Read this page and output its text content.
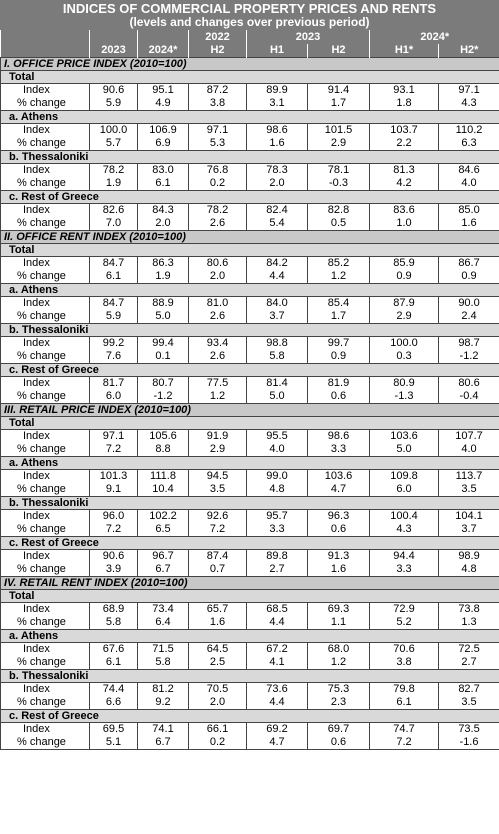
INDICES OF COMMERCIAL PROPERTY PRICES AND RENTS
(levels and changes over previous period)
			2022	2023		2024*	
	2023	2024*	H2	H1	H2	H1*	H2*
I. OFFICE PRICE INDEX (2010=100)							
Total							
Index	90.6	95.1	87.2	89.9	91.4	93.1	97.1
% change	5.9	4.9	3.8	3.1	1.7	1.8	4.3
a. Athens							
Index	100.0	106.9	97.1	98.6	101.5	103.7	110.2
% change	5.7	6.9	5.3	1.6	2.9	2.2	6.3
b. Thessaloniki							
Index	78.2	83.0	76.8	78.3	78.1	81.3	84.6
% change	1.9	6.1	0.2	2.0	-0.3	4.2	4.0
c. Rest of Greece							
Index	82.6	84.3	78.2	82.4	82.8	83.6	85.0
% change	7.0	2.0	2.6	5.4	0.5	1.0	1.6
II. OFFICE RENT INDEX (2010=100)							
Total							
Index	84.7	86.3	80.6	84.2	85.2	85.9	86.7
% change	6.1	1.9	2.0	4.4	1.2	0.9	0.9
a. Athens							
Index	84.7	88.9	81.0	84.0	85.4	87.9	90.0
% change	5.9	5.0	2.6	3.7	1.7	2.9	2.4
b. Thessaloniki							
Index	99.2	99.4	93.4	98.8	99.7	100.0	98.7
% change	7.6	0.1	2.6	5.8	0.9	0.3	-1.2
c. Rest of Greece							
Index	81.7	80.7	77.5	81.4	81.9	80.9	80.6
% change	6.0	-1.2	1.2	5.0	0.6	-1.3	-0.4
III. RETAIL PRICE INDEX (2010=100)							
Total							
Index	97.1	105.6	91.9	95.5	98.6	103.6	107.7
% change	7.2	8.8	2.9	4.0	3.3	5.0	4.0
a. Athens							
Index	101.3	111.8	94.5	99.0	103.6	109.8	113.7
% change	9.1	10.4	3.5	4.8	4.7	6.0	3.5
b. Thessaloniki							
Index	96.0	102.2	92.6	95.7	96.3	100.4	104.1
% change	7.2	6.5	7.2	3.3	0.6	4.3	3.7
c. Rest of Greece							
Index	90.6	96.7	87.4	89.8	91.3	94.4	98.9
% change	3.9	6.7	0.7	2.7	1.6	3.3	4.8
IV. RETAIL RENT INDEX (2010=100)							
Total							
Index	68.9	73.4	65.7	68.5	69.3	72.9	73.8
% change	5.8	6.4	1.6	4.4	1.1	5.2	1.3
a. Athens							
Index	67.6	71.5	64.5	67.2	68.0	70.6	72.5
% change	6.1	5.8	2.5	4.1	1.2	3.8	2.7
b. Thessaloniki							
Index	74.4	81.2	70.5	73.6	75.3	79.8	82.7
% change	6.6	9.2	2.0	4.4	2.3	6.1	3.5
c. Rest of Greece							
Index	69.5	74.1	66.1	69.2	69.7	74.7	73.5
% change	5.1	6.7	0.2	4.7	0.6	7.2	-1.6
